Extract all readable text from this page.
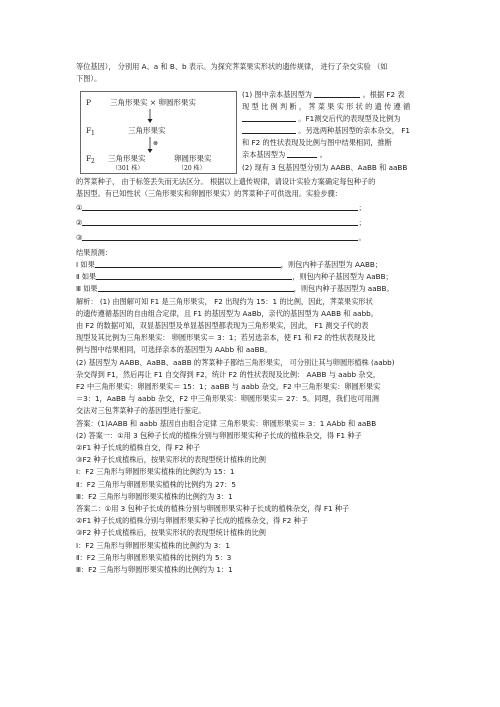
等位基因）， 分别用 A、a 和 B、b 表示。为探究荠菜果实形状的遗传规律， 进行了杂交实验 （如
下图）。
P	三角形果实 × 卵圆形果实
F 1	三角形果实
⊗
F 2 三角形果实	卵圆形果实
（301 株）	（20 株）
(1) 图中亲本基因型为	。根据 F2 表
现 型 比 例 判 断 ， 荠 菜 果 实 形 状 的 遗 传 遵 循
。F1测交后代的表现型及比例为
。另选两种基因型的亲本杂交， F1
和 F2 的性状表现及比例与图中结果相同，推断
亲本基因型为	。
(2) 现有 3 包基因型分别为 AABB、AaBB 和 aaBB
的荠菜种子， 由于标签丢失而无法区分。 根据以上遗传规律，请设计实验方案确定每包种子的
基因型。有已知性状（三角形果实和卵圆形果实）的荠菜种子可供选用。实验步骤：
①	；
②	；
③	。
结果预测：
Ⅰ 如果	，则包内种子基因型为 AABB；
Ⅱ 如果	，则包内种子基因型为 AaBB；
Ⅲ 如果	，则包内种子基因型为 aaBB。
解析： (1) 由图解可知 F1 是三角形果实， F2 出现约为 15：1 的比例，因此，荠菜果实形状
的遗传遵循基因的自由组合定律，且 F1 的基因型为 AaBb，亲代的基因型为 AABB 和 aabb。
由 F2 的数据可知，双显基因型及单显基因型都表现为三角形果实，因此， F1 测交子代的表
现型及其比例为三角形果实： 卵圆形果实＝ 3：1；若另选亲本，使 F1 和 F2 的性状表现及比
例与图中结果相同，可选择亲本的基因型为 AAbb 和 aaBB。
(2) 基因型为 AABB、AaBB、aaBB 的荠菜种子都结三角形果实， 可分别让其与卵圆形植株 (aabb)
杂交得到 F1，然后再让 F1 自交得到 F2，统计 F2 的性状表现及比例： AABB 与 aabb 杂交，
F2 中三角形果实：卵圆形果实＝ 15：1；aaBB 与 aabb 杂交，F2 中三角形果实：卵圆形果实
＝3：1，AaBB 与 aabb 杂交，F2 中三角形果实：卵圆形果实＝ 27：5。同理，我们也可用测
交法对三包荠菜种子的基因型进行鉴定。
答案：(1)AABB 和 aabb 基因自由组合定律 三角形果实：卵圆形果实＝ 3：1 AAbb 和 aaBB
(2) 答案一：①用 3 包种子长成的植株分别与卵圆形果实种子长成的植株杂交，得 F1 种子
②F1 种子长成的植株自交，得 F2 种子
③F2 种子长成植株后，按果实形状的表现型统计植株的比例
Ⅰ：F2 三角形与卵圆形果实植株的比例约为 15：1
Ⅱ：F2 三角形与卵圆形果实植株的比例约为 27：5
Ⅲ：F2 三角形与卵圆形果实植株的比例约为 3：1
答案二：①用 3 包种子长成的植株分别与卵圆形果实种子长成的植株杂交，得 F1 种子
②F1 种子长成的植株分别与卵圆形果实种子长成的植株杂交，得 F2 种子
③F2 种子长成植株后，按果实形状的表现型统计植株的比例
Ⅰ：F2 三角形与卵圆形果实植株的比例约为 3：1
Ⅱ：F2 三角形与卵圆形果实植株的比例约为 5：3
Ⅲ：F2 三角形与卵圆形果实植株的比例约为 1：1
